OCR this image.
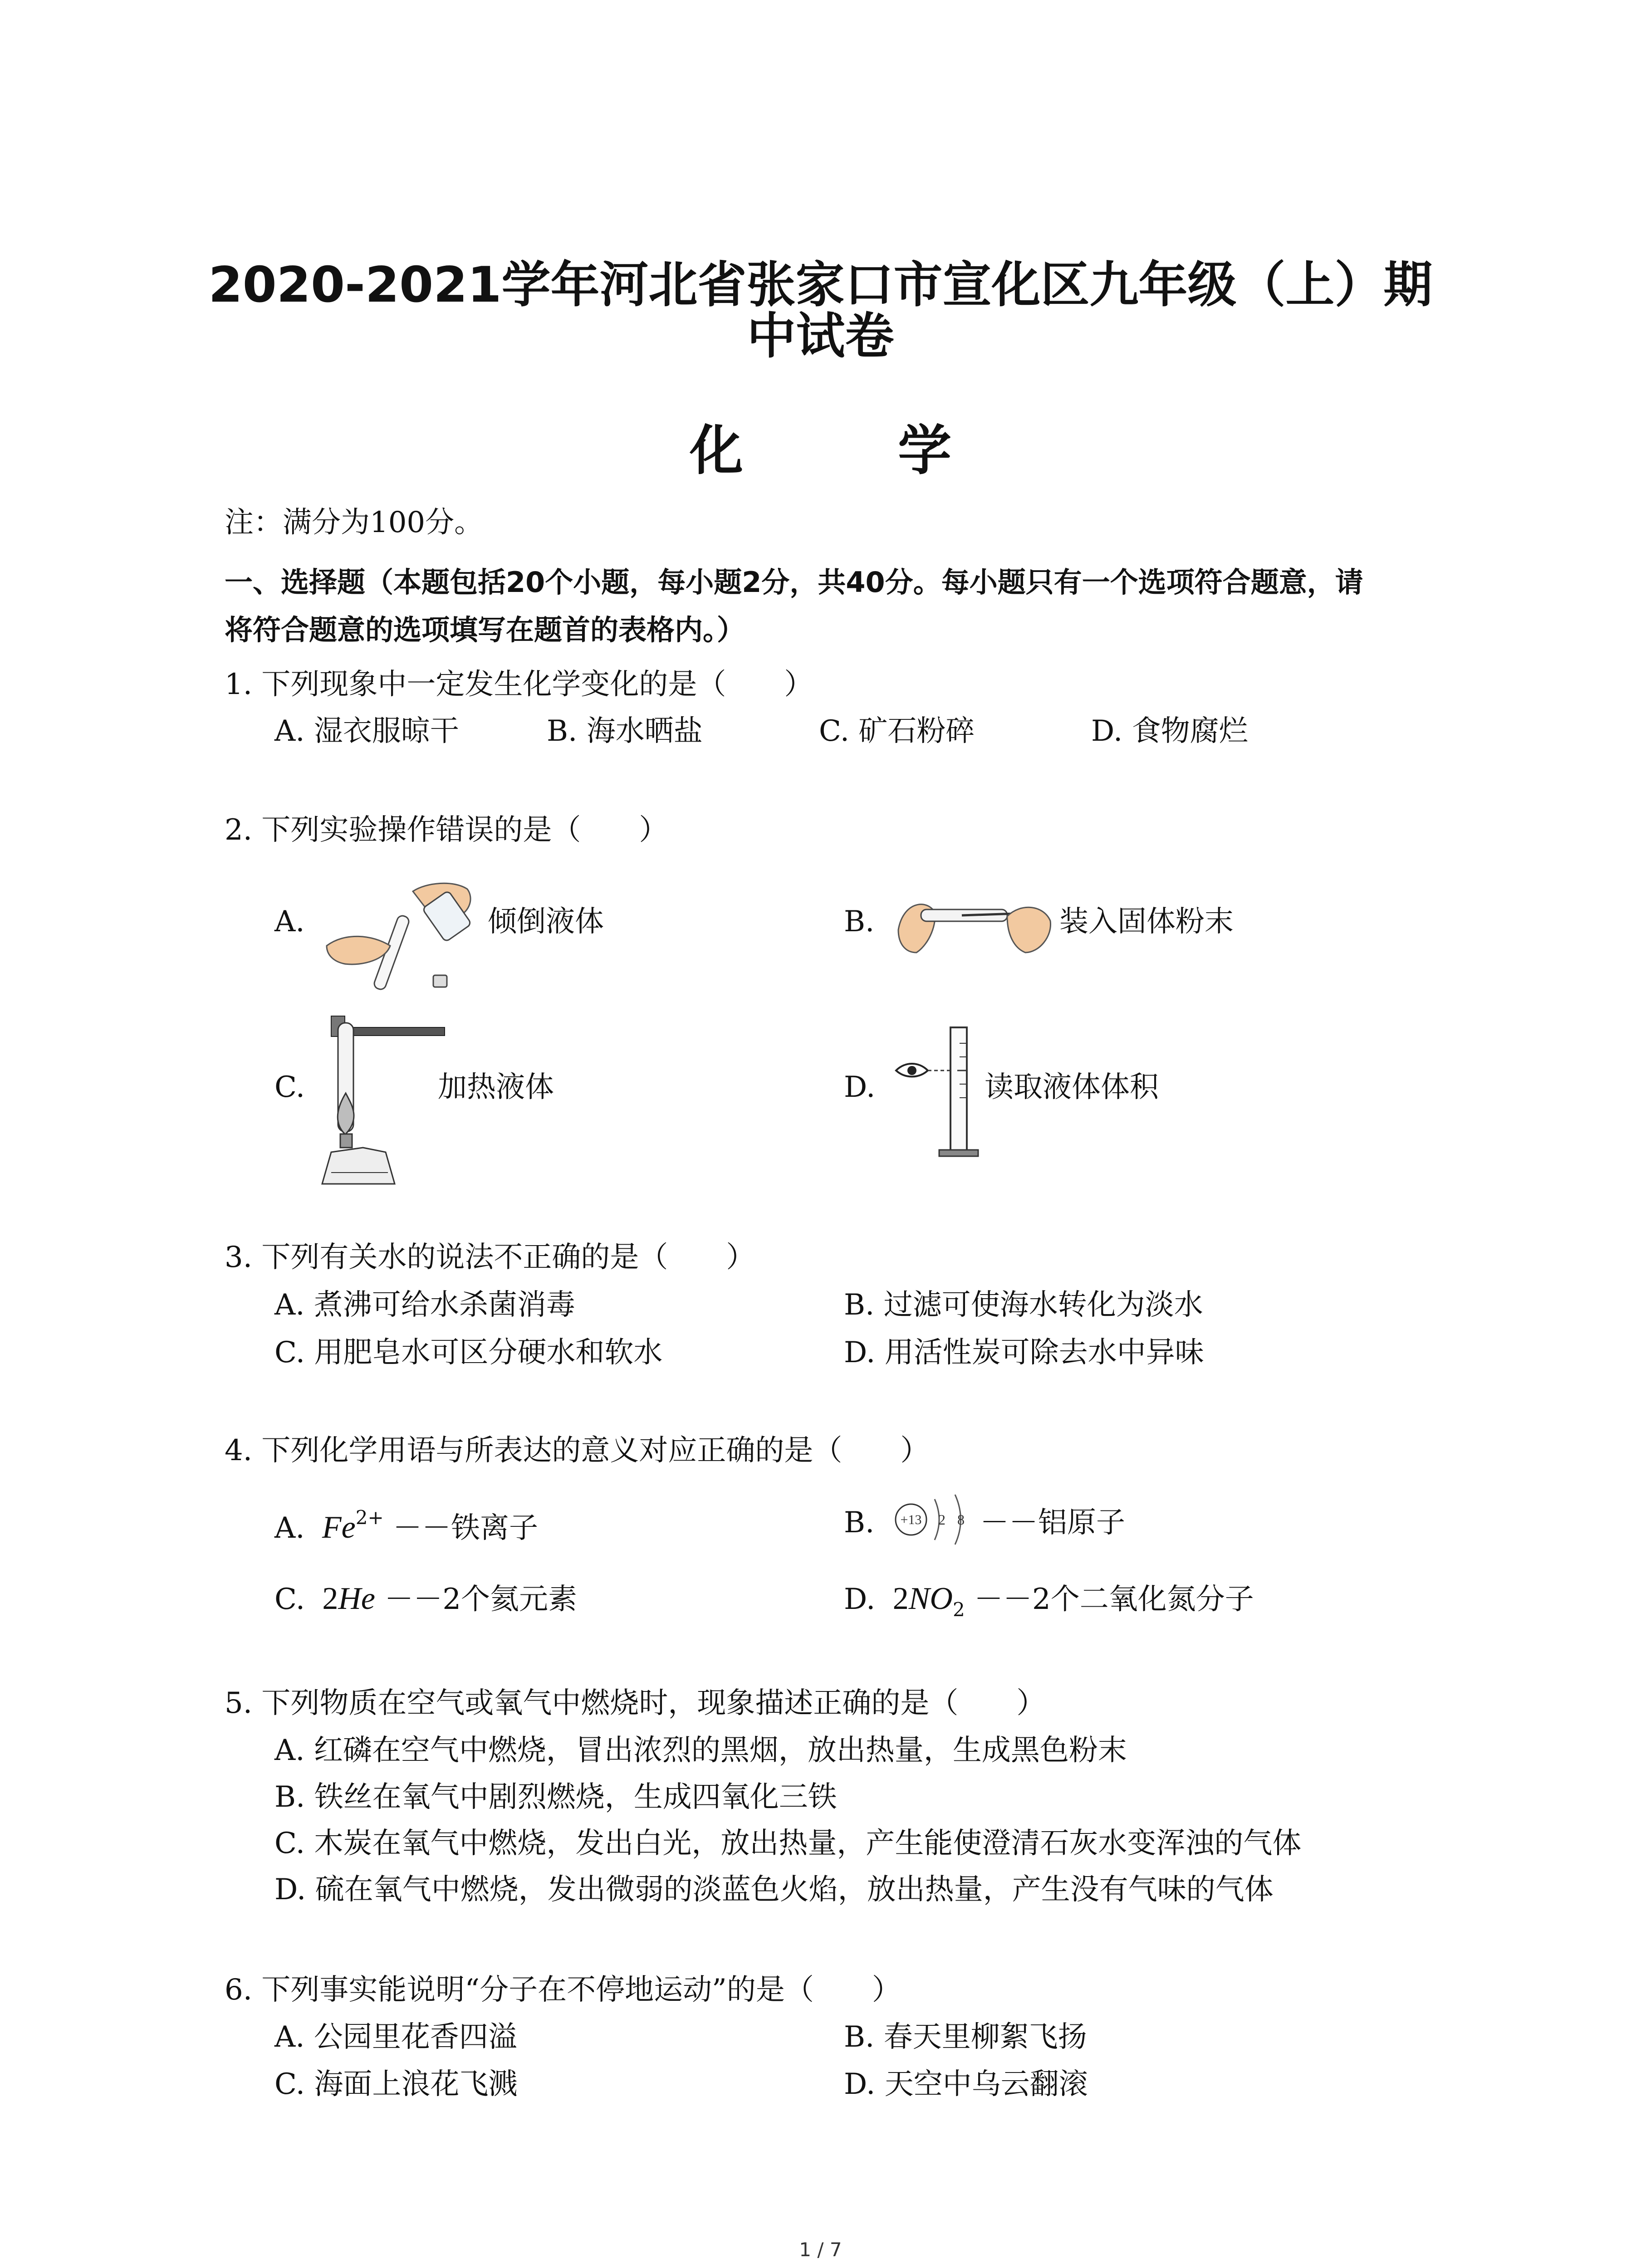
2020-2021学年河北省张家口市宣化区九年级（上）期
中试卷
化 学
注：满分为100分。
一、选择题（本题包括20个小题，每小题2分，共40分。每小题只有一个选项符合题意，请
将符合题意的选项填写在题首的表格内。）
1. 下列现象中一定发生化学变化的是（　　）
A. 湿衣服晾干	B. 海水晒盐	C. 矿石粉碎	D. 食物腐烂
2. 下列实验操作错误的是（　　）
A.	倾倒液体	B.	装入固体粉末
C.	加热液体	D.	读取液体体积
3. 下列有关水的说法不正确的是（　　）
A. 煮沸可给水杀菌消毒	B. 过滤可使海水转化为淡水
C. 用肥皂水可区分硬水和软水	D. 用活性炭可除去水中异味
4. 下列化学用语与所表达的意义对应正确的是（　　）
A. $Fe^{2+}$ －－铁离子	B. +13 2 8 －－铝原子
C. 2He －－2个氦元素	D. $2NO_2 --2$个二氧化氮分子
5. 下列物质在空气或氧气中燃烧时，现象描述正确的是（　　）
A. 红磷在空气中燃烧，冒出浓烈的黑烟，放出热量，生成黑色粉末
B. 铁丝在氧气中剧烈燃烧，生成四氧化三铁
C. 木炭在氧气中燃烧，发出白光，放出热量，产生能使澄清石灰水变浑浊的气体
D. 硫在氧气中燃烧，发出微弱的淡蓝色火焰，放出热量，产生没有气味的气体
6. 下列事实能说明“分子在不停地运动”的是（　　）
A. 公园里花香四溢	B. 春天里柳絮飞扬
C. 海面上浪花飞溅	D. 天空中乌云翻滚
1 / 7
